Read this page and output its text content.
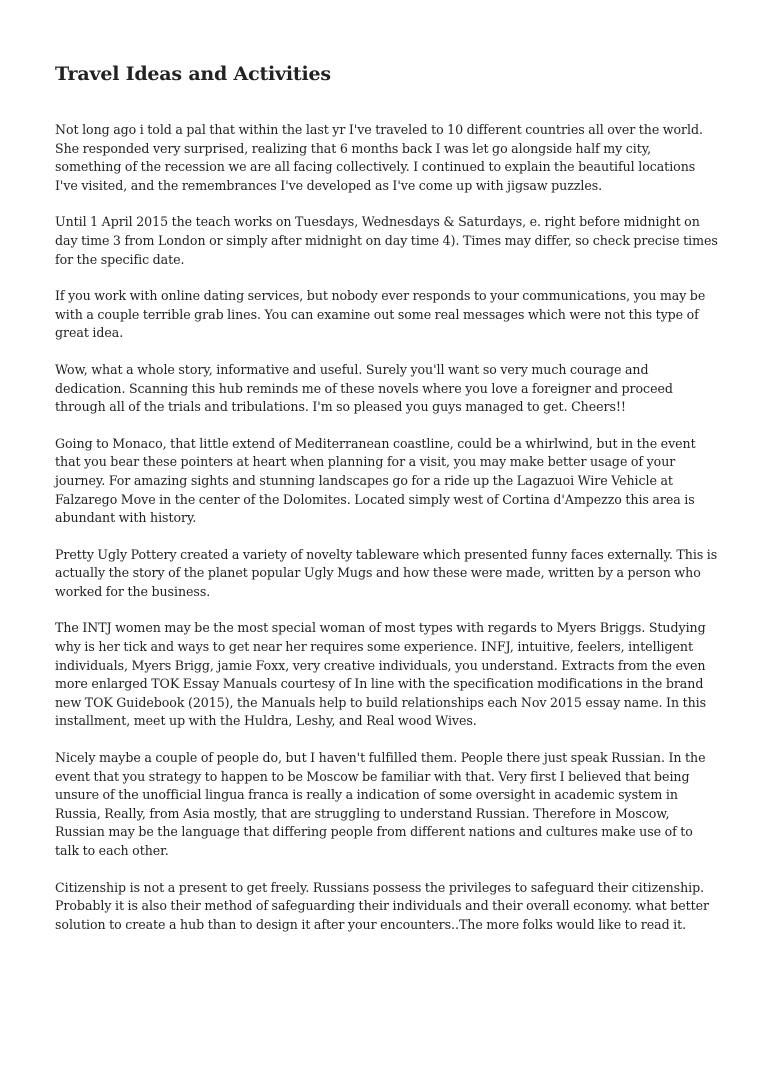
Travel Ideas and Activities

Not long ago i told a pal that within the last yr I've traveled to 10 different countries all over the world. She responded very surprised, realizing that 6 months back I was let go alongside half my city, something of the recession we are all facing collectively. I continued to explain the beautiful locations I've visited, and the remembrances I've developed as I've come up with jigsaw puzzles.

Until 1 April 2015 the teach works on Tuesdays, Wednesdays & Saturdays, e. right before midnight on day time 3 from London or simply after midnight on day time 4). Times may differ, so check precise times for the specific date.

If you work with online dating services, but nobody ever responds to your communications, you may be with a couple terrible grab lines. You can examine out some real messages which were not this type of great idea.

Wow, what a whole story, informative and useful. Surely you'll want so very much courage and dedication. Scanning this hub reminds me of these novels where you love a foreigner and proceed through all of the trials and tribulations. I'm so pleased you guys managed to get. Cheers!!

Going to Monaco, that little extend of Mediterranean coastline, could be a whirlwind, but in the event that you bear these pointers at heart when planning for a visit, you may make better usage of your journey. For amazing sights and stunning landscapes go for a ride up the Lagazuoi Wire Vehicle at Falzarego Move in the center of the Dolomites. Located simply west of Cortina d'Ampezzo this area is abundant with history.

Pretty Ugly Pottery created a variety of novelty tableware which presented funny faces externally. This is actually the story of the planet popular Ugly Mugs and how these were made, written by a person who worked for the business.

The INTJ women may be the most special woman of most types with regards to Myers Briggs. Studying why is her tick and ways to get near her requires some experience. INFJ, intuitive, feelers, intelligent individuals, Myers Brigg, jamie Foxx, very creative individuals, you understand. Extracts from the even more enlarged TOK Essay Manuals courtesy of In line with the specification modifications in the brand new TOK Guidebook (2015), the Manuals help to build relationships each Nov 2015 essay name. In this installment, meet up with the Huldra, Leshy, and Real wood Wives.

Nicely maybe a couple of people do, but I haven't fulfilled them. People there just speak Russian. In the event that you strategy to happen to be Moscow be familiar with that. Very first I believed that being unsure of the unofficial lingua franca is really a indication of some oversight in academic system in Russia, Really, from Asia mostly, that are struggling to understand Russian. Therefore in Moscow, Russian may be the language that differing people from different nations and cultures make use of to talk to each other.

Citizenship is not a present to get freely. Russians possess the privileges to safeguard their citizenship. Probably it is also their method of safeguarding their individuals and their overall economy. what better solution to create a hub than to design it after your encounters..The more folks would like to read it.
